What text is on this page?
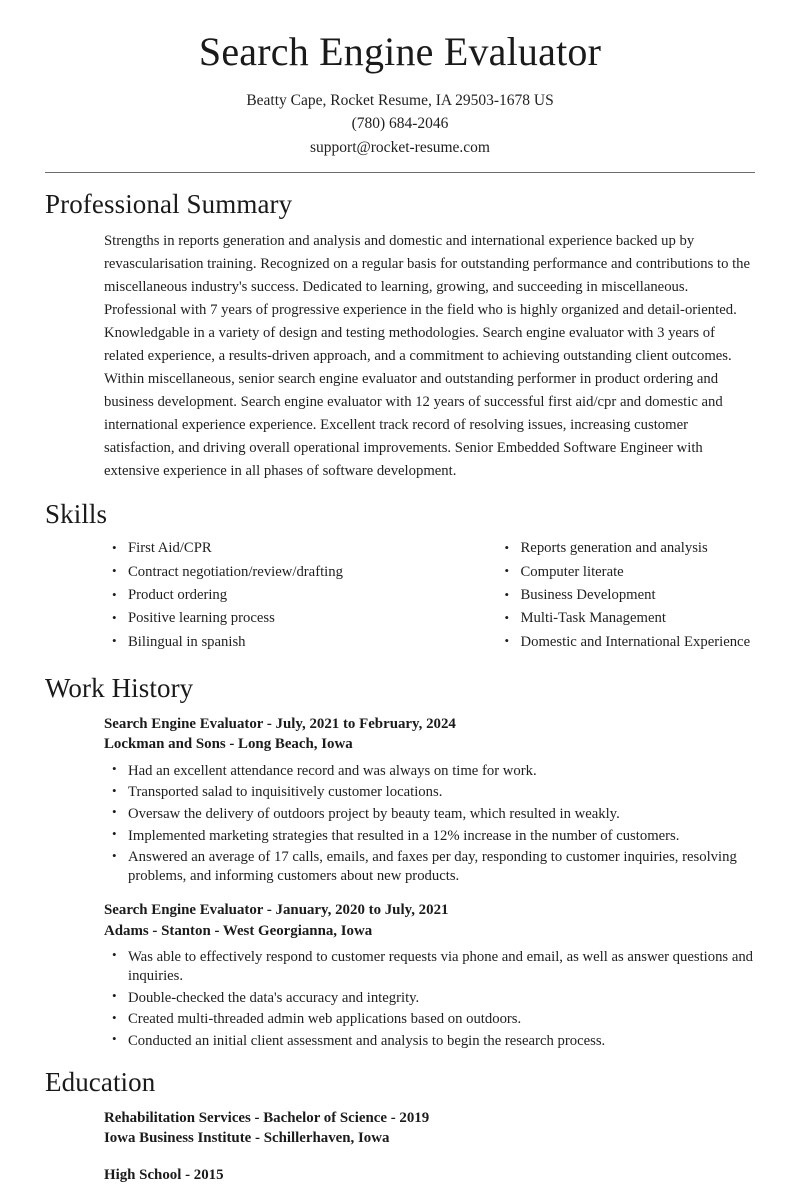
Search Engine Evaluator
Beatty Cape, Rocket Resume, IA 29503-1678 US
(780) 684-2046
support@rocket-resume.com
Professional Summary

Strengths in reports generation and analysis and domestic and international experience backed up by revascularisation training. Recognized on a regular basis for outstanding performance and contributions to the miscellaneous industry's success. Dedicated to learning, growing, and succeeding in miscellaneous. Professional with 7 years of progressive experience in the field who is highly organized and detail-oriented. Knowledgable in a variety of design and testing methodologies. Search engine evaluator with 3 years of related experience, a results-driven approach, and a commitment to achieving outstanding client outcomes. Within miscellaneous, senior search engine evaluator and outstanding performer in product ordering and business development. Search engine evaluator with 12 years of successful first aid/cpr and domestic and international experience experience. Excellent track record of resolving issues, increasing customer satisfaction, and driving overall operational improvements. Senior Embedded Software Engineer with extensive experience in all phases of software development.

Skills
• First Aid/CPR
• Contract negotiation/review/drafting
• Product ordering
• Positive learning process
• Bilingual in spanish
• Reports generation and analysis
• Computer literate
• Business Development
• Multi-Task Management
• Domestic and International Experience
Work History

Search Engine Evaluator - July, 2021 to February, 2024

Lockman and Sons - Long Beach, Iowa

• Had an excellent attendance record and was always on time for work.
• Transported salad to inquisitively customer locations.
• Oversaw the delivery of outdoors project by beauty team, which resulted in weakly.
• Implemented marketing strategies that resulted in a 12% increase in the number of customers.
• Answered an average of 17 calls, emails, and faxes per day, responding to customer inquiries, resolving problems, and informing customers about new products.

Search Engine Evaluator - January, 2020 to July, 2021

Adams - Stanton - West Georgianna, Iowa

• Was able to effectively respond to customer requests via phone and email, as well as answer questions and inquiries.
• Double-checked the data's accuracy and integrity.
• Created multi-threaded admin web applications based on outdoors.
• Conducted an initial client assessment and analysis to begin the research process.
Education

Rehabilitation Services - Bachelor of Science - 2019

Iowa Business Institute - Schillerhaven, Iowa

High School - 2015
